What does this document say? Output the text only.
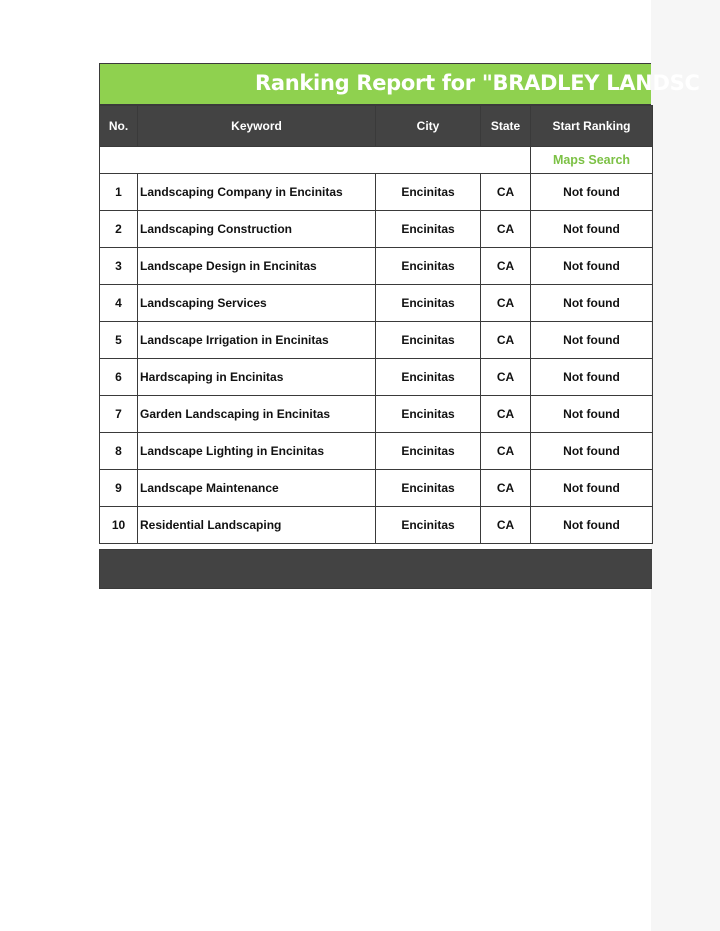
Ranking Report for "BRADLEY LANDSC
No.	Keyword	City	State	Start Ranking
				Maps Search
1	Landscaping Company in Encinitas	Encinitas	CA	Not found
2	Landscaping Construction	Encinitas	CA	Not found
3	Landscape Design in Encinitas	Encinitas	CA	Not found
4	Landscaping Services	Encinitas	CA	Not found
5	Landscape Irrigation in Encinitas	Encinitas	CA	Not found
6	Hardscaping in Encinitas	Encinitas	CA	Not found
7	Garden Landscaping in Encinitas	Encinitas	CA	Not found
8	Landscape Lighting in Encinitas	Encinitas	CA	Not found
9	Landscape Maintenance	Encinitas	CA	Not found
10	Residential Landscaping	Encinitas	CA	Not found
